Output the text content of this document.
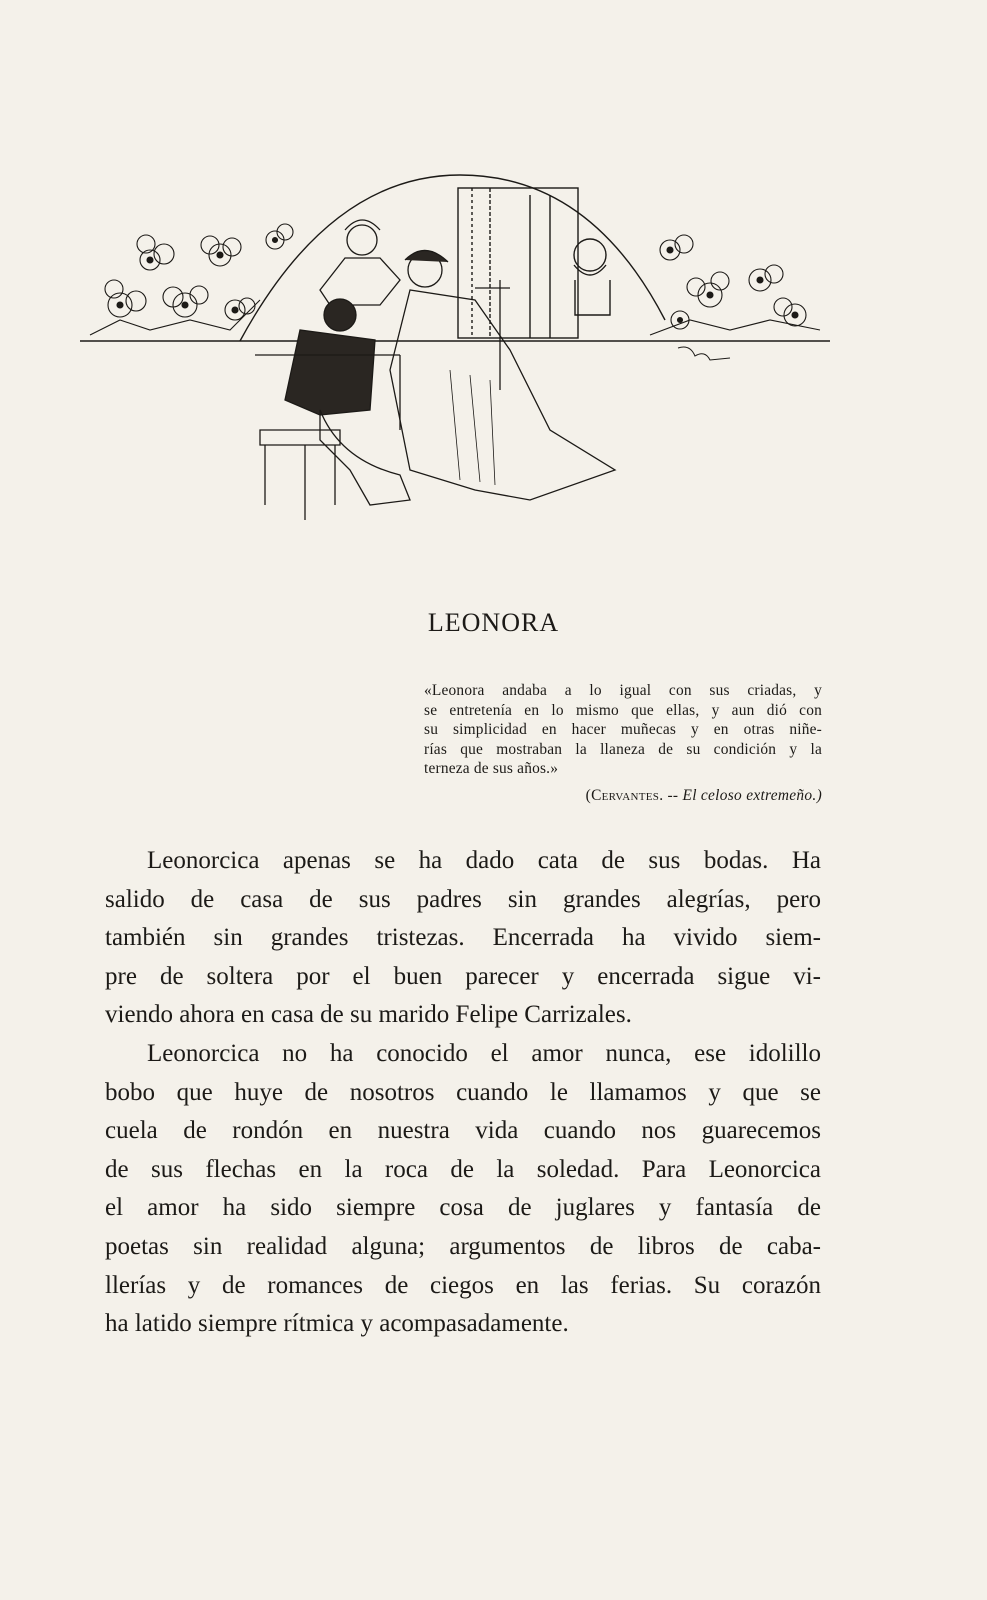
LEONORA
«Leonora andaba a lo igual con sus criadas, y
se entretenía en lo mismo que ellas, y aun dió con
su simplicidad en hacer muñecas y en otras niñe-
rías que mostraban la llaneza de su condición y la
terneza de sus años.»
(Cervantes. -- El celoso extremeño.)
Leonorcica apenas se ha dado cata de sus bodas. Ha
salido de casa de sus padres sin grandes alegrías, pero
también sin grandes tristezas. Encerrada ha vivido siem-
pre de soltera por el buen parecer y encerrada sigue vi-
viendo ahora en casa de su marido Felipe Carrizales.
Leonorcica no ha conocido el amor nunca, ese idolillo
bobo que huye de nosotros cuando le llamamos y que se
cuela de rondón en nuestra vida cuando nos guarecemos
de sus flechas en la roca de la soledad. Para Leonorcica
el amor ha sido siempre cosa de juglares y fantasía de
poetas sin realidad alguna; argumentos de libros de caba-
llerías y de romances de ciegos en las ferias. Su corazón
ha latido siempre rítmica y acompasadamente.
